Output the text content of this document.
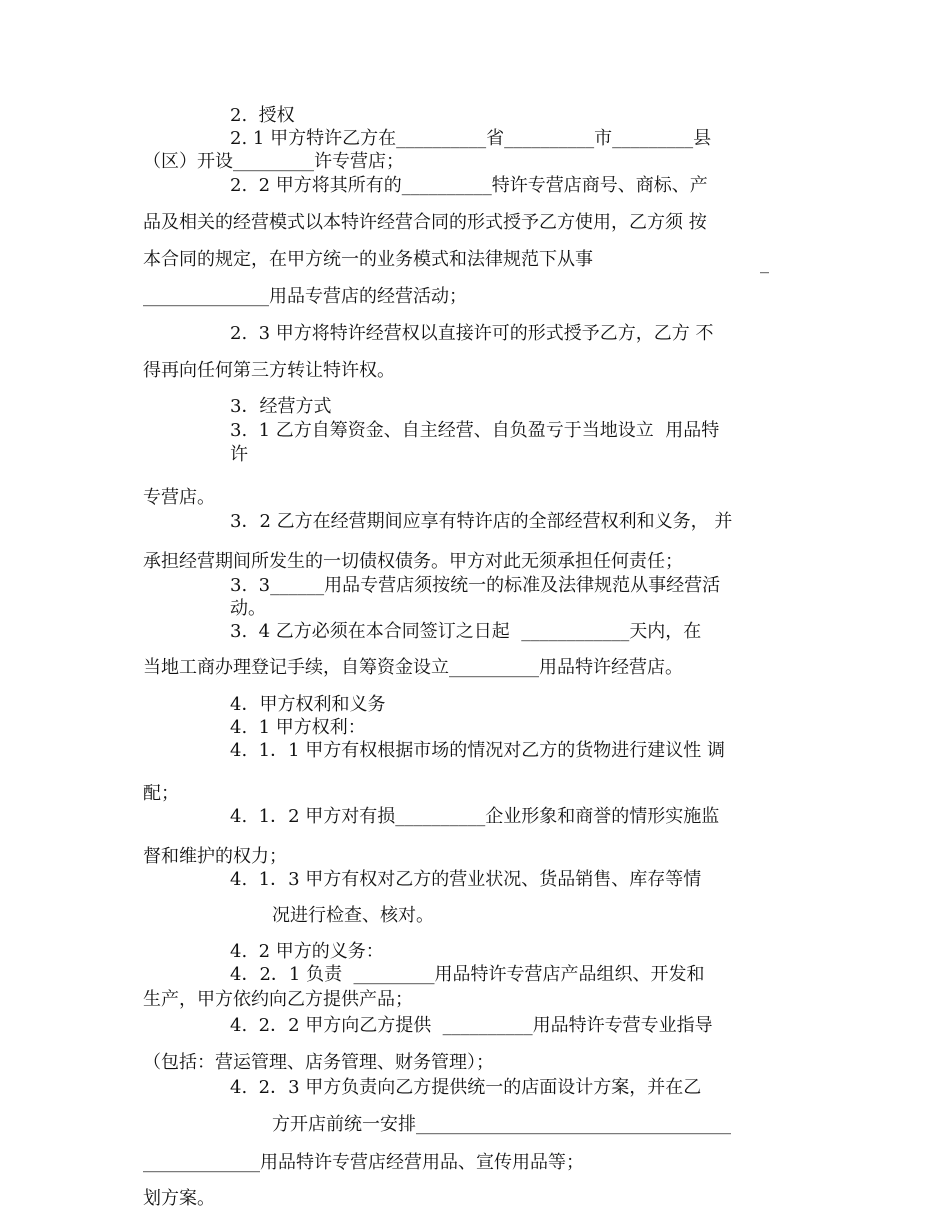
2.  授权
2. 1 甲方特许乙方在__________省__________市_________县
（区）开设_________许专营店；
2.  2 甲方将其所有的__________特许专营店商号、商标、产
品及相关的经营模式以本特许经营合同的形式授予乙方使用，乙方须 按
本合同的规定，在甲方统一的业务模式和法律规范下从事	_
______________用品专营店的经营活动；
2.  3 甲方将特许经营权以直接许可的形式授予乙方，乙方 不
得再向任何第三方转让特许权。
3．经营方式
3.  1 乙方自筹资金、自主经营、自负盈亏于当地设立  用品特
许
专营店。
3．2 乙方在经营期间应享有特许店的全部经营权利和义务， 并
承担经营期间所发生的一切债权债务。甲方对此无须承担任何责任；
3.  3______用品专营店须按统一的标准及法律规范从事经营活
动。
3.  4 乙方必须在本合同签订之日起  ____________天内，在
当地工商办理登记手续，自筹资金设立__________用品特许经营店。
4．甲方权利和义务
4.  1 甲方权利：
4.  1．1 甲方有权根据市场的情况对乙方的货物进行建议性 调
配；
4.  1．2 甲方对有损__________企业形象和商誉的情形实施监
督和维护的权力；
4.  1．3 甲方有权对乙方的营业状况、货品销售、库存等情
况进行检查、核对。
4.  2 甲方的义务：
4．2．1 负责  _________用品特许专营店产品组织、开发和
生产，甲方依约向乙方提供产品；
4.  2．2 甲方向乙方提供  __________用品特许专营专业指导
（包括：营运管理、店务管理、财务管理）；
4.  2．3 甲方负责向乙方提供统一的店面设计方案，并在乙
方开店前统一安排___________________________________
_____________用品特许专营店经营用品、宣传用品等；
划方案。
